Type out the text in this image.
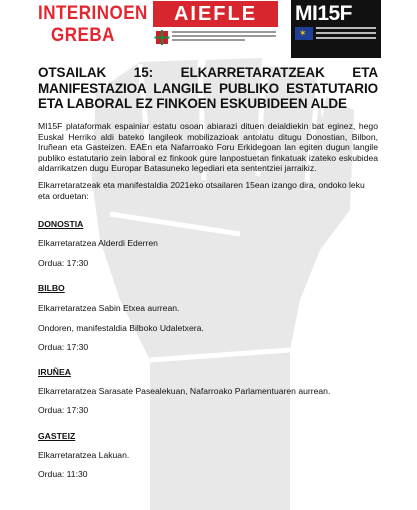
INTERINOEN
GREBA
AIEFLE	MI15F
✶
OTSAILAK 15: ELKARRETARATZEAK ETA MANIFESTAZIOA LANGILE PUBLIKO ESTATUTARIO ETA LABORAL EZ FINKOEN ESKUBIDEEN ALDE
MI15F plataformak espainiar estatu osoan abiarazi dituen deialdiekin bat eginez, hego Euskal Herriko aldi bateko langileok mobilizazioak antolatu ditugu Donostian, Bilbon, Iruñean eta Gasteizen. EAEn eta Nafarroako Foru Erkidegoan lan egiten dugun langile publiko estatutario zein laboral ez finkook gure lanpostuetan finkatuak izateko eskubidea aldarrikatzen dugu Europar Batasuneko legediari eta sententziei jarraikiz.
Elkarretaratzeak eta manifestaldia 2021eko otsailaren 15ean izango dira, ondoko leku eta orduetan:
DONOSTIA
Elkarretaratzea Alderdi Ederren
Ordua: 17:30
BILBO
Elkarretaratzea Sabin Etxea aurrean.
Ondoren, manifestaldia Bilboko Udaletxera.
Ordua: 17:30
IRUÑEA
Elkarretaratzea Sarasate Pasealekuan, Nafarroako Parlamentuaren aurrean.
Ordua: 17:30
GASTEIZ
Elkarretaratzea Lakuan.
Ordua: 11:30
